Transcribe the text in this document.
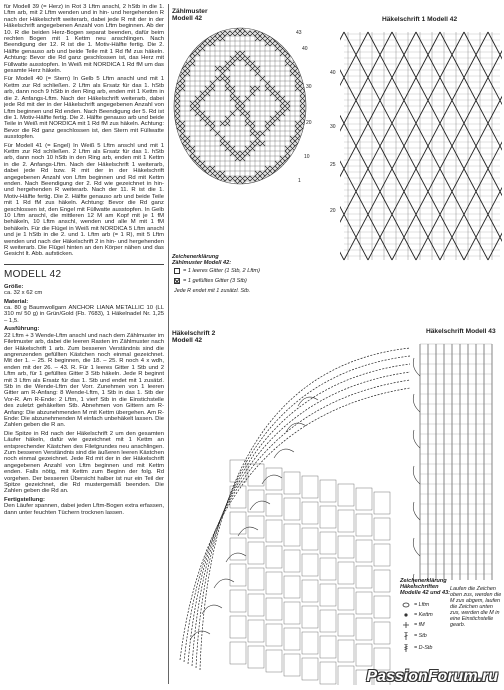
für Modell 39 (= Herz) in Rot 3 Lftm anschl, 2 hStb in die 1. Lftm arb, mit 2 Lftm wenden und in hin- und hergehenden R nach der Häkelschrift weiterarb, dabei jede R mit der in der Häkelschrift angegebenen Anzahl von Lftm beginnen. Ab der 10. R die beiden Herz-Bogen separat beenden, dafür beim rechten Bogen mit 1 Kettm neu anschlingen. Nach Beendigung der 12. R ist die 1. Motiv-Hälfte fertig. Die 2. Hälfte genauso arb und beide Teile mit 1 Rd fM zus häkeln. Achtung: Bevor die Rd ganz geschlossen ist, das Herz mit Füllwatte ausstopfen. In Weiß mit NORDICA 1 Rd fM um das gesamte Herz häkeln.

Für Modell 40 (= Stern) In Gelb 5 Lftm anschl und mit 1 Kettm zur Rd schließen. 2 Lftm als Ersatz für das 1. hStb arb, dann noch 9 hStb in den Ring arb, enden mit 1 Kettm in die 2. Anfangs-Lftm. Nach der Häkelschrift weiterarb, dabei jede Rd mit der in der Häkelschrift angegebenen Anzahl von Lftm beginnen und Rd enden. Nach Beendigung der 5. Rd ist die 1. Motiv-Hälfte fertig. Die 2. Hälfte genauso arb und beide Teile in Weiß mit NORDICA mit 1 Rd fM zus häkeln. Achtung: Bevor die Rd ganz geschlossen ist, den Stern mit Füllwatte ausstopfen.

Für Modell 41 (= Engel) In Weiß 5 Lftm anschl und mit 1 Kettm zur Rd schließen. 2 Lftm als Ersatz für das 1. hStb arb, dann noch 10 hStb in den Ring arb, enden mit 1 Kettm in die 2. Anfangs-Lftm. Nach der Häkelschrift 1 weiterarb, dabei jede Rd bzw. R mit der in der Häkelschrift angegebenen Anzahl von Lftm beginnen und Rd mit Kettm enden. Nach Beendigung der 2. Rd wie gezeichnet in hin- und hergehenden R weiterarb. Nach der 11. R ist die 1. Motiv-Hälfte fertig. Die 2. Hälfte genauso arb und beide Teile mit 1 Rd fM zus häkeln. Achtung: Bevor die Rd ganz geschlossen ist, den Engel mit Füllwatte ausstopfen. In Gelb 10 Lftm anschl, die mittleren 12 M am Kopf mit je 1 fM behäkeln, 10 Lftm anschl, wenden und alle M mit 1 fM behäkeln. Für die Flügel in Weiß mit NORDICA 5 Lftm anschl und je 1 hStb in die 2. und 1. Lftm arb (= 1 R), mit 5 Lftm wenden und nach der Häkelschrift 2 in hin- und hergehenden R weiterarb. Die Flügel hinten an den Körper nähen und das Gesicht lt. Abb. aufsticken.

MODELL 42
Größe:

ca. 32 x 62 cm

Material:

ca. 80 g Baumwollgarn ANCHOR LIANA METALLIC 10 (LL 310 m/ 50 g) in Grün/Gold (Fb. 7683), 1 Häkelnadel Nr. 1,25 – 1,5.

Ausführung:

22 Lftm + 3 Wende-Lftm anschl und nach dem Zählmuster im Filetmuster arb, dabei die leeren Rasten im Zählmuster nach der Häkelschrift 1 arb. Zum besseren Verständnis sind die angrenzenden gefüllten Kästchen noch einmal gezeichnet. Mit der 1. – 25. R beginnen, die 18. – 25. R noch 4 x wdh, enden mit der 26. – 43. R. Für 1 leeres Gitter 1 Stb und 2 Lftm arb, für 1 gefülltes Gitter 3 Stb häkeln. Jede R beginnt mit 3 Lftm als Ersatz für das 1. Stb und endet mit 1 zusätzl. Stb in die Wende-Lftm der Vorr. Zunehmen von 1 leeren Gitter am R-Anfang: 8 Wende-Lftm, 1 Stb in das 1. Stb der Vor-R. Am R-Ende: 2 Lftm, 1 vierf Stb in die Einstichstelle des zuletzt gehäkelten Stb. Abnehmen von Gittern am R-Anfang: Die abzunehmenden M mit Kettm übergehen. Am R-Ende: Die abzunehmenden M einfach unbehäkelt lassen. Die Zahlen geben die R an.

Die Spitze in Rd nach der Häkelschrift 2 um den gesamten Läufer häkeln, dafür wie gezeichnet mit 1 Kettm an entsprechender Kästchen des Filetgrundes neu anschlingen. Zum besseren Verständnis sind die äußeren leeren Kästchen noch einmal gezeichnet. Jede Rd mit der in der Häkelschrift angegebenen Anzahl von Lftm beginnen und mit Kettm enden. Falls nötig, mit Kettm zum Beginn der folg. Rd vorgehen. Der besseren Übersicht halber ist nur ein Teil der Spitze gezeichnet, die Rd mustergemäß beenden. Die Zahlen geben die Rd an.

Fertigstellung:

Den Läufer spannen, dabei jeden Lftm-Bogen extra erfassen, dann unter feuchten Tüchern trocknen lassen.

Zählmuster
Modell 42
43
40
30
20
10
1
Zeichenerklärung
Zählmuster Modell 42:
= 1 leeres Gitter (1 Stb, 2 Lftm)
= 1 gefülltes Gitter (3 Stb)
Jede R endet mit 1 zusätzl. Stb.
Häkelschrift 1 Modell 42
40
30
25
20
Häkelschrift 2
Modell 42
Häkelschrift Modell 43
Zeichenerklärung
Häkelschriften
Modelle 42 und 43:
= Lftm
= Kettm
= fM
= Stb
= D-Stb
Laufen die Zeichen oben zus, werden die M zus abgem, laufen die Zeichen unten zus, werden die M in eine Einstichstelle gearb.
PassionForum.ru
